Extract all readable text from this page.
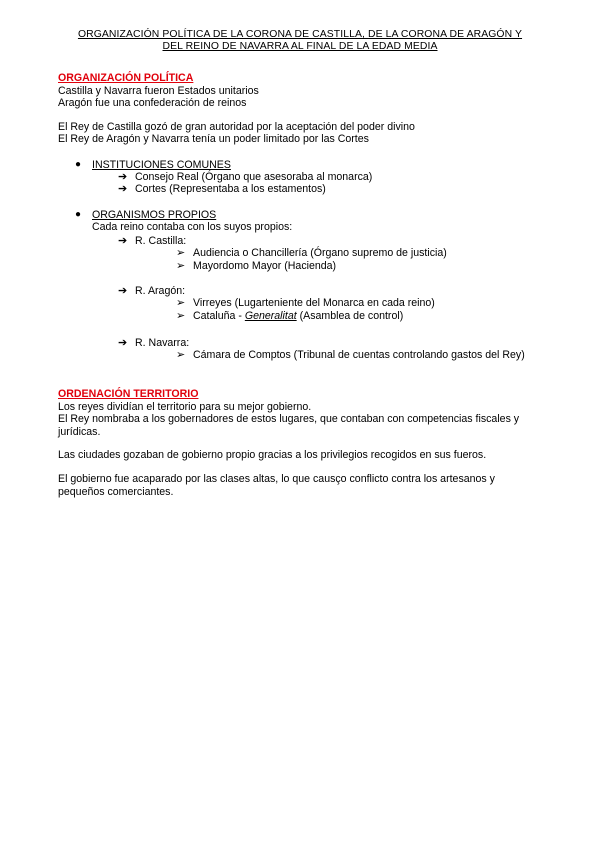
ORGANIZACIÓN POLÍTICA DE LA CORONA DE CASTILLA, DE LA CORONA DE ARAGÓN Y
DEL REINO DE NAVARRA AL FINAL DE LA EDAD MEDIA
ORGANIZACIÓN POLÍTICA
Castilla y Navarra fueron Estados unitarios
Aragón fue una confederación de reinos
El Rey de Castilla gozó de gran autoridad por la aceptación del poder divino
El Rey de Aragón y Navarra tenía un poder limitado por las Cortes
● INSTITUCIONES COMUNES
➔ Consejo Real (Órgano que asesoraba al monarca)
➔ Cortes (Representaba a los estamentos)
● ORGANISMOS PROPIOS
Cada reino contaba con los suyos propios:
➔ R. Castilla:
➢ Audiencia o Chancillería (Órgano supremo de justicia)
➢ Mayordomo Mayor (Hacienda)
➔ R. Aragón:
➢ Virreyes (Lugarteniente del Monarca en cada reino)
➢ Cataluña - Generalitat (Asamblea de control)
➔ R. Navarra:
➢ Cámara de Comptos (Tribunal de cuentas controlando gastos del Rey)
ORDENACIÓN TERRITORIO
Los reyes dividían el territorio para su mejor gobierno.
El Rey nombraba a los gobernadores de estos lugares, que contaban con competencias fiscales y jurídicas.
Las ciudades gozaban de gobierno propio gracias a los privilegios recogidos en sus fueros.
El gobierno fue acaparado por las clases altas, lo que causço conflicto contra los artesanos y pequeños comerciantes.
